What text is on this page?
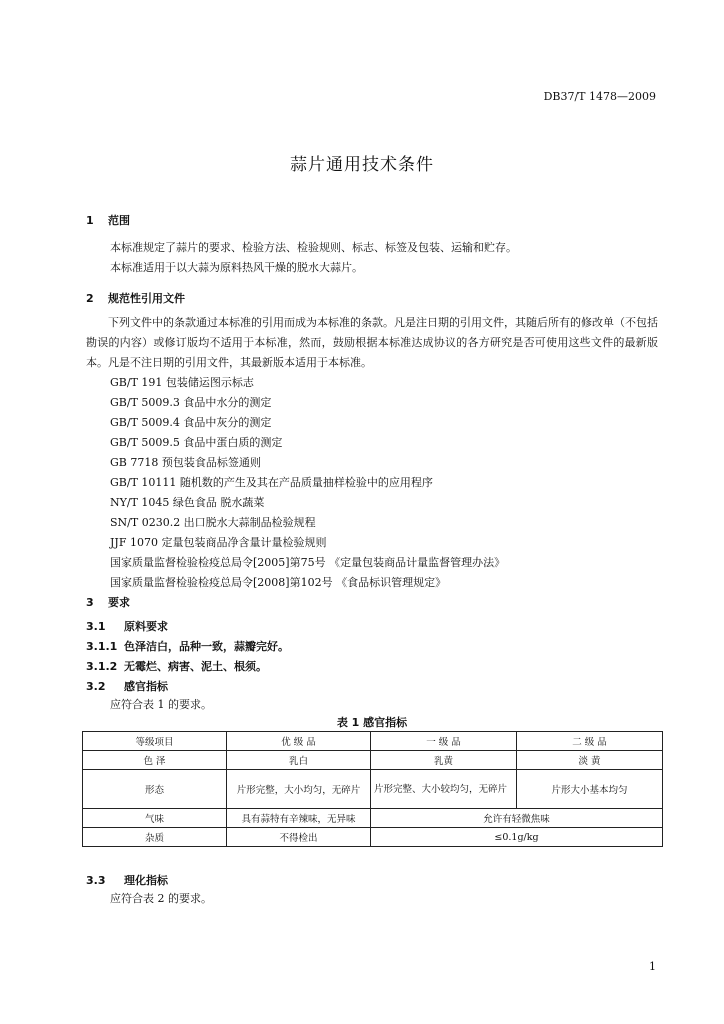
DB37/T 1478—2009
蒜片通用技术条件
1 范围
本标准规定了蒜片的要求、检验方法、检验规则、标志、标签及包装、运输和贮存。
本标准适用于以大蒜为原料热风干燥的脱水大蒜片。
2 规范性引用文件
下列文件中的条款通过本标准的引用而成为本标准的条款。凡是注日期的引用文件，其随后所有的修改单（不包括勘误的内容）或修订版均不适用于本标准，然而，鼓励根据本标准达成协议的各方研究是否可使用这些文件的最新版本。凡是不注日期的引用文件，其最新版本适用于本标准。
GB/T 191 包装储运图示标志
GB/T 5009.3 食品中水分的测定
GB/T 5009.4 食品中灰分的测定
GB/T 5009.5 食品中蛋白质的测定
GB 7718 预包装食品标签通则
GB/T 10111 随机数的产生及其在产品质量抽样检验中的应用程序
NY/T 1045 绿色食品 脱水蔬菜
SN/T 0230.2 出口脱水大蒜制品检验规程
JJF 1070 定量包装商品净含量计量检验规则
国家质量监督检验检疫总局令[2005]第75号 《定量包装商品计量监督管理办法》
国家质量监督检验检疫总局令[2008]第102号 《食品标识管理规定》
3 要求
3.1 原料要求
3.1.1 色泽洁白，品种一致，蒜瓣完好。
3.1.2 无霉烂、病害、泥土、根须。
3.2 感官指标
应符合表 1 的要求。
表 1 感官指标
等级项目	优 级 品	一 级 品	二 级 品
色 泽	乳白	乳黄	淡 黄
形态	片形完整，大小均匀，无碎片	片形完整、大小较均匀，无碎片	片形大小基本均匀
气味	具有蒜特有辛辣味，无异味	允许有轻微焦味	
杂质	不得检出	≤0.1g/kg	
3.3 理化指标
应符合表 2 的要求。
1
